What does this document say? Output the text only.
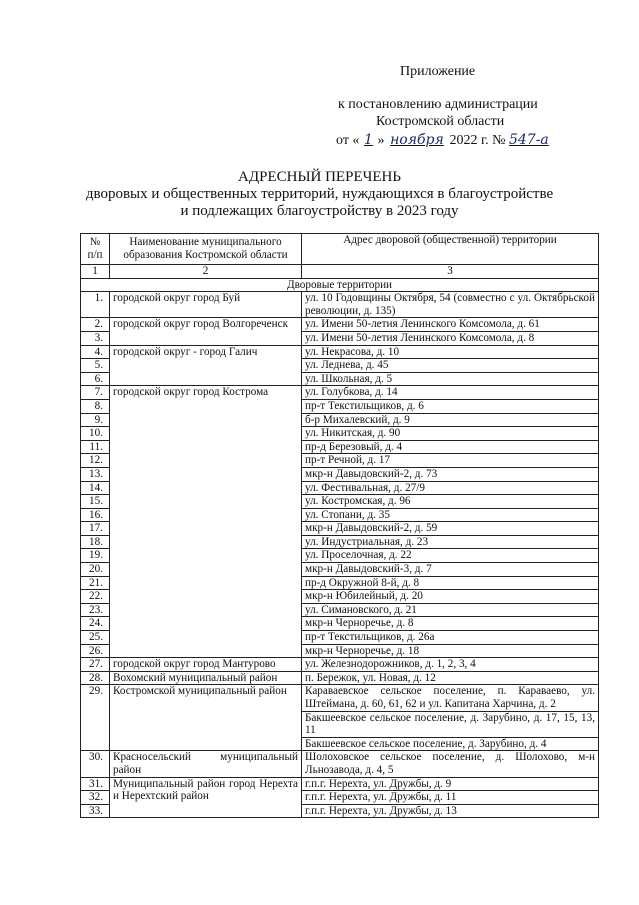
Приложение
к постановлению администрации
Костромской области
от « 1 » ноября 2022 г. № 547-а
АДРЕСНЫЙ ПЕРЕЧЕНЬ
дворовых и общественных территорий, нуждающихся в благоустройстве
и подлежащих благоустройству в 2023 году
№ п/п	Наименование муниципального образования Костромской области	Адрес дворовой (общественной) территории
1	2	3
Дворовые территории		
1.	городской округ город Буй	ул. 10 Годовщины Октября, 54 (совместно с ул. Октябрьской революции, д. 135)
2.	городской округ город Волгореченск	ул. Имени 50-летия Ленинского Комсомола, д. 61
3.		ул. Имени 50-летия Ленинского Комсомола, д. 8
4.	городской округ - город Галич	ул. Некрасова, д. 10
5.		ул. Леднева, д. 45
6.		ул. Школьная, д. 5
7.	городской округ город Кострома	ул. Голубкова, д. 14
8.		пр-т Текстильщиков, д. 6
9.		б-р Михалевский, д. 9
10.		ул. Никитская, д. 90
11.		пр-д Березовый, д. 4
12.		пр-т Речной, д. 17
13.		мкр-н Давыдовский-2, д. 73
14.		ул. Фестивальная, д. 27/9
15.		ул. Костромская, д. 96
16.		ул. Стопани, д. 35
17.		мкр-н Давыдовский-2, д. 59
18.		ул. Индустриальная, д. 23
19.		ул. Проселочная, д. 22
20.		мкр-н Давыдовский-3, д. 7
21.		пр-д Окружной 8-й, д. 8
22.		мкр-н Юбилейный, д. 20
23.		ул. Симановского, д. 21
24.		мкр-н Черноречье, д. 8
25.		пр-т Текстильщиков, д. 26а
26.		мкр-н Черноречье, д. 18
27.	городской округ город Мантурово	ул. Железнодорожников, д. 1, 2, 3, 4
28.	Вохомский муниципальный район	п. Бережок, ул. Новая, д. 12
29.	Костромской муниципальный район	Караваевское сельское поселение, п. Караваево, ул. Штеймана, д. 60, 61, 62 и ул. Капитана Харчина, д. 2
		Бакшеевское сельское поселение, д. Зарубино, д. 17, 15, 13, 11
		Бакшеевское сельское поселение, д. Зарубино, д. 4
30.	Красносельский муниципальный район	Шолоховское сельское поселение, д. Шолохово, м-н Льнозавода, д. 4, 5
31.	Муниципальный район город Нерехта и Нерехтский район	г.п.г. Нерехта, ул. Дружбы, д. 9
32.		г.п.г. Нерехта, ул. Дружбы, д. 11
33.		г.п.г. Нерехта, ул. Дружбы, д. 13
